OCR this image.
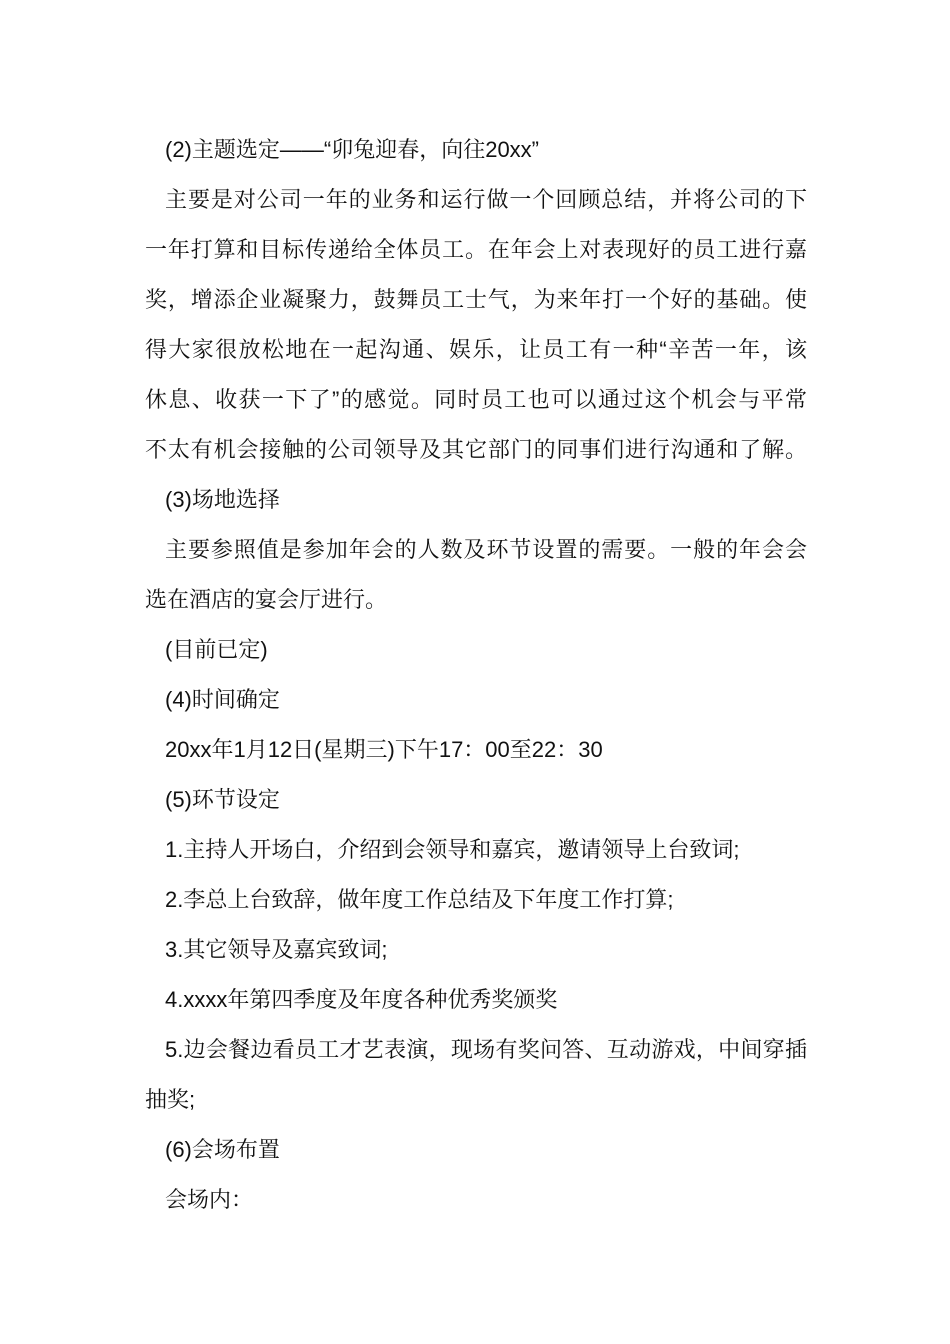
(2)主题选定——“卯兔迎春，向往20xx”
主要是对公司一年的业务和运行做一个回顾总结，并将公司的下
一年打算和目标传递给全体员工。在年会上对表现好的员工进行嘉
奖，增添企业凝聚力，鼓舞员工士气，为来年打一个好的基础。使
得大家很放松地在一起沟通、娱乐，让员工有一种“辛苦一年，该
休息、收获一下了”的感觉。同时员工也可以通过这个机会与平常
不太有机会接触的公司领导及其它部门的同事们进行沟通和了解。
(3)场地选择
主要参照值是参加年会的人数及环节设置的需要。一般的年会会
选在酒店的宴会厅进行。
(目前已定)
(4)时间确定
20xx年1月12日(星期三)下午17：00至22：30
(5)环节设定
1.主持人开场白，介绍到会领导和嘉宾，邀请领导上台致词;
2.李总上台致辞，做年度工作总结及下年度工作打算;
3.其它领导及嘉宾致词;
4.xxxx年第四季度及年度各种优秀奖颁奖
5.边会餐边看员工才艺表演，现场有奖问答、互动游戏，中间穿插
抽奖;
(6)会场布置
会场内：
